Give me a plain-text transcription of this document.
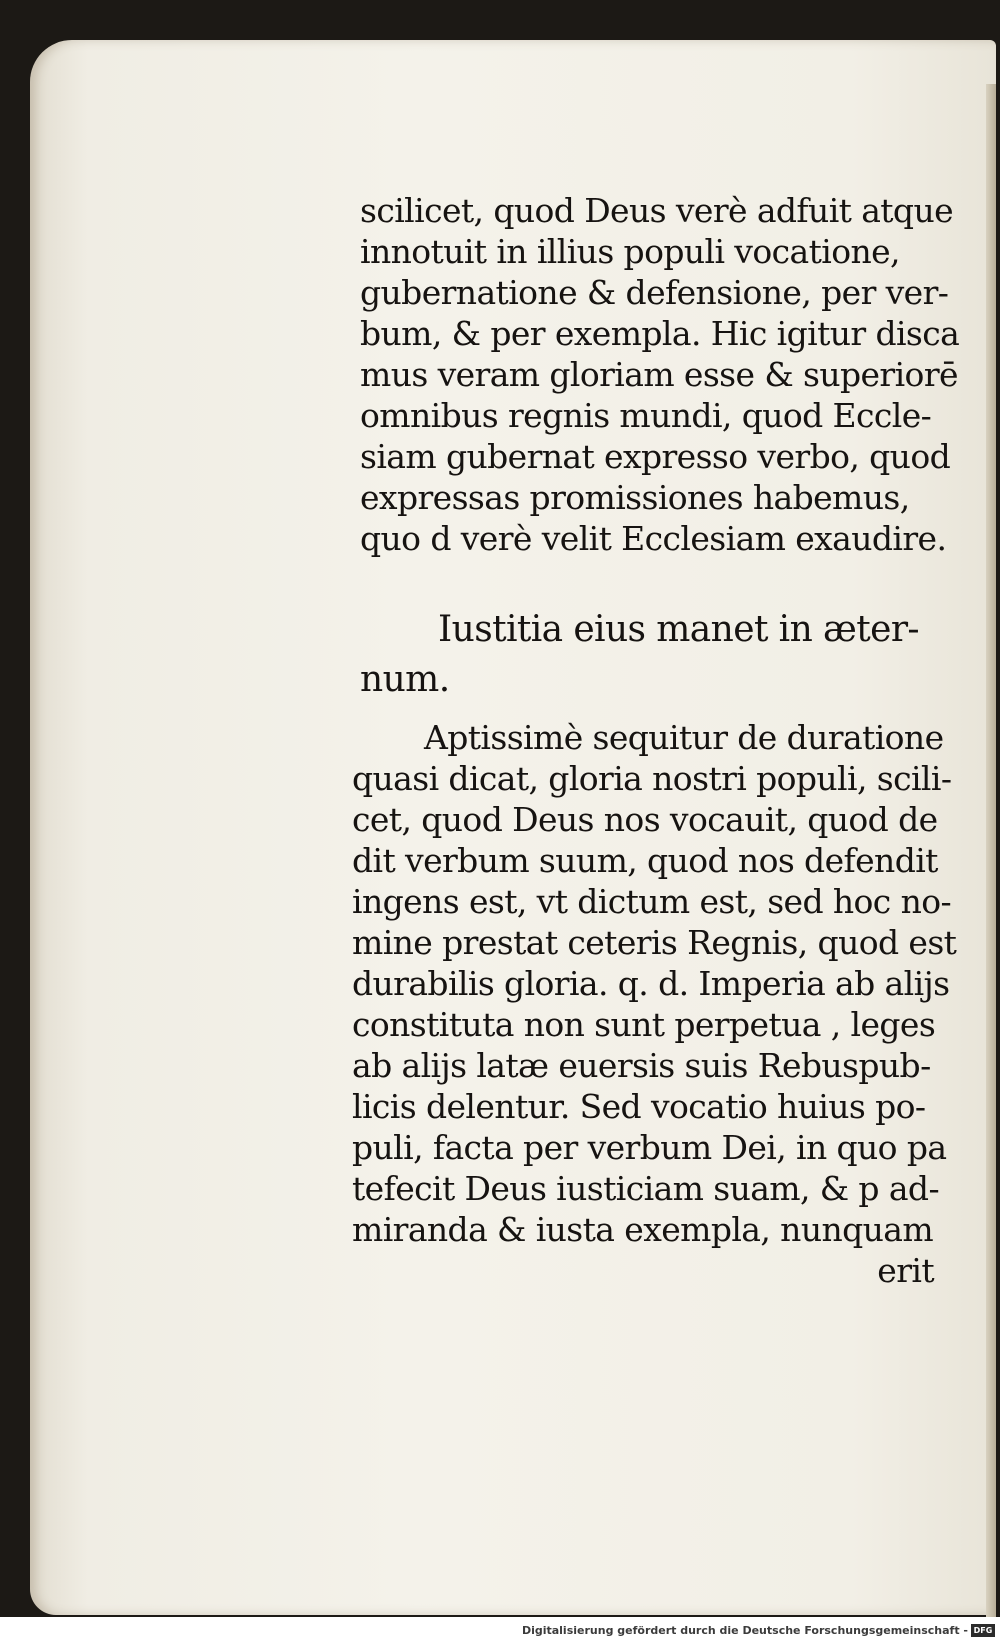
scilicet, quod Deus verè adfuit atque
innotuit in illius populi vocatione,
gubernatione & defensione, per ver-
bum, & per exempla. Hic igitur disca
mus veram gloriam esse & superiorē
omnibus regnis mundi, quod Eccle-
siam gubernat expresso verbo, quod
expressas promissiones habemus,
quo d verè velit Ecclesiam exaudire.

Iustitia eius manet in æter-
num.

Aptissimè sequitur de duratione
quasi dicat, gloria nostri populi, scili-
cet, quod Deus nos vocauit, quod de
dit verbum suum, quod nos defendit
ingens est, vt dictum est, sed hoc no-
mine prestat ceteris Regnis, quod est
durabilis gloria. q. d. Imperia ab alijs
constituta non sunt perpetua , leges
ab alijs latæ euersis suis Rebuspub-
licis delentur. Sed vocatio huius po-
puli, facta per verbum Dei, in quo pa
tefecit Deus iusticiam suam, & p ad-
miranda & iusta exempla, nunquam
erit

Digitalisierung gefördert durch die Deutsche Forschungsgemeinschaft - DFG
